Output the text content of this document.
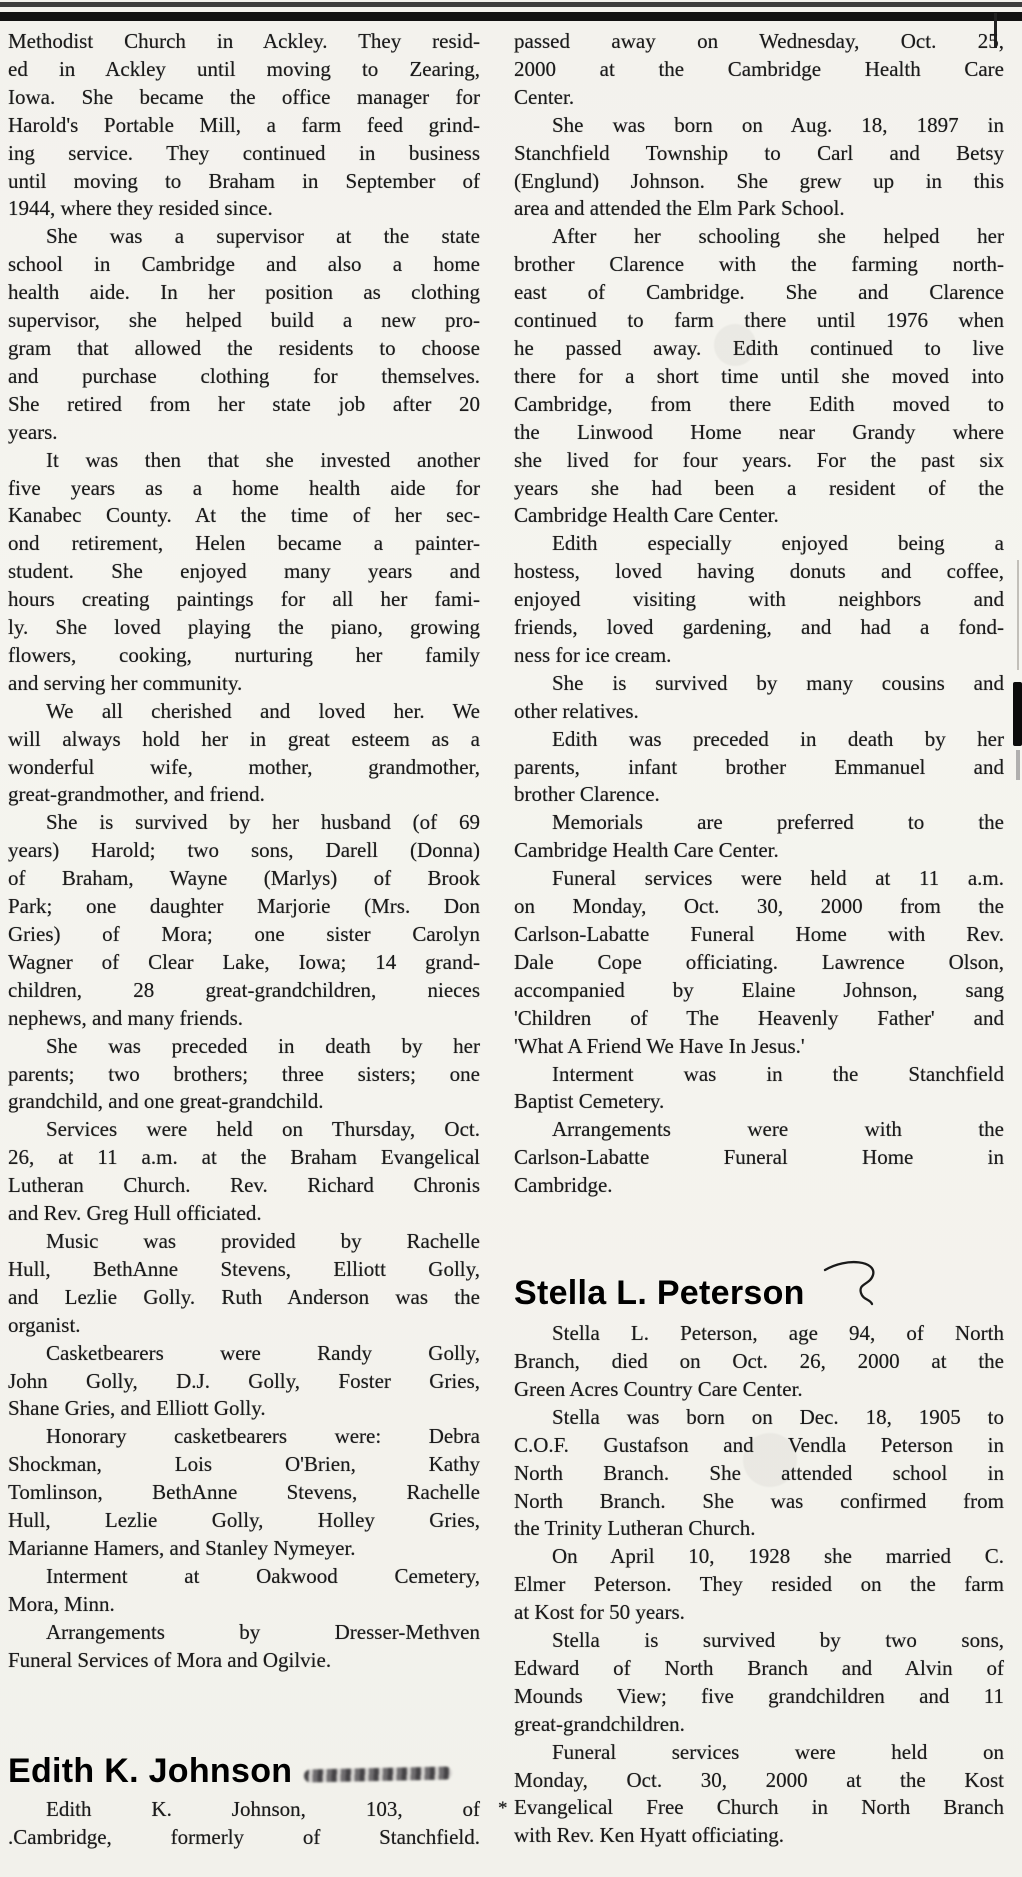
Methodist Church in Ackley. They resid-
ed in Ackley until moving to Zearing,
Iowa. She became the office manager for
Harold's Portable Mill, a farm feed grind-
ing service. They continued in business
until moving to Braham in September of
1944, where they resided since.
She was a supervisor at the state
school in Cambridge and also a home
health aide. In her position as clothing
supervisor, she helped build a new pro-
gram that allowed the residents to choose
and purchase clothing for themselves.
She retired from her state job after 20
years.
It was then that she invested another
five years as a home health aide for
Kanabec County. At the time of her sec-
ond retirement, Helen became a painter-
student. She enjoyed many years and
hours creating paintings for all her fami-
ly. She loved playing the piano, growing
flowers, cooking, nurturing her family
and serving her community.
We all cherished and loved her. We
will always hold her in great esteem as a
wonderful wife, mother, grandmother,
great-grandmother, and friend.
She is survived by her husband (of 69
years) Harold; two sons, Darell (Donna)
of Braham, Wayne (Marlys) of Brook
Park; one daughter Marjorie (Mrs. Don
Gries) of Mora; one sister Carolyn
Wagner of Clear Lake, Iowa; 14 grand-
children, 28 great-grandchildren, nieces
nephews, and many friends.
She was preceded in death by her
parents; two brothers; three sisters; one
grandchild, and one great-grandchild.
Services were held on Thursday, Oct.
26, at 11 a.m. at the Braham Evangelical
Lutheran Church. Rev. Richard Chronis
and Rev. Greg Hull officiated.
Music was provided by Rachelle
Hull, BethAnne Stevens, Elliott Golly,
and Lezlie Golly. Ruth Anderson was the
organist.
Casketbearers were Randy Golly,
John Golly, D.J. Golly, Foster Gries,
Shane Gries, and Elliott Golly.
Honorary casketbearers were: Debra
Shockman, Lois O'Brien, Kathy
Tomlinson, BethAnne Stevens, Rachelle
Hull, Lezlie Golly, Holley Gries,
Marianne Hamers, and Stanley Nymeyer.
Interment at Oakwood Cemetery,
Mora, Minn.
Arrangements by Dresser-Methven
Funeral Services of Mora and Ogilvie.
Edith K. Johnson
Edith K. Johnson, 103, of
.Cambridge, formerly of Stanchfield.
passed away on Wednesday, Oct. 25,
2000 at the Cambridge Health Care
Center.
She was born on Aug. 18, 1897 in
Stanchfield Township to Carl and Betsy
(Englund) Johnson. She grew up in this
area and attended the Elm Park School.
After her schooling she helped her
brother Clarence with the farming north-
east of Cambridge. She and Clarence
continued to farm there until 1976 when
he passed away. Edith continued to live
there for a short time until she moved into
Cambridge, from there Edith moved to
the Linwood Home near Grandy where
she lived for four years. For the past six
years she had been a resident of the
Cambridge Health Care Center.
Edith especially enjoyed being a
hostess, loved having donuts and coffee,
enjoyed visiting with neighbors and
friends, loved gardening, and had a fond-
ness for ice cream.
She is survived by many cousins and
other relatives.
Edith was preceded in death by her
parents, infant brother Emmanuel and
brother Clarence.
Memorials are preferred to the
Cambridge Health Care Center.
Funeral services were held at 11 a.m.
on Monday, Oct. 30, 2000 from the
Carlson-Labatte Funeral Home with Rev.
Dale Cope officiating. Lawrence Olson,
accompanied by Elaine Johnson, sang
'Children of The Heavenly Father' and
'What A Friend We Have In Jesus.'
Interment was in the Stanchfield
Baptist Cemetery.
Arrangements were with the
Carlson-Labatte Funeral Home in
Cambridge.
Stella L. Peterson
Stella L. Peterson, age 94, of North
Branch, died on Oct. 26, 2000 at the
Green Acres Country Care Center.
Stella was born on Dec. 18, 1905 to
C.O.F. Gustafson and Vendla Peterson in
North Branch. She attended school in
North Branch. She was confirmed from
the Trinity Lutheran Church.
On April 10, 1928 she married C.
Elmer Peterson. They resided on the farm
at Kost for 50 years.
Stella is survived by two sons,
Edward of North Branch and Alvin of
Mounds View; five grandchildren and 11
great-grandchildren.
Funeral services were held on
Monday, Oct. 30, 2000 at the Kost
* Evangelical Free Church in North Branch
with Rev. Ken Hyatt officiating.
